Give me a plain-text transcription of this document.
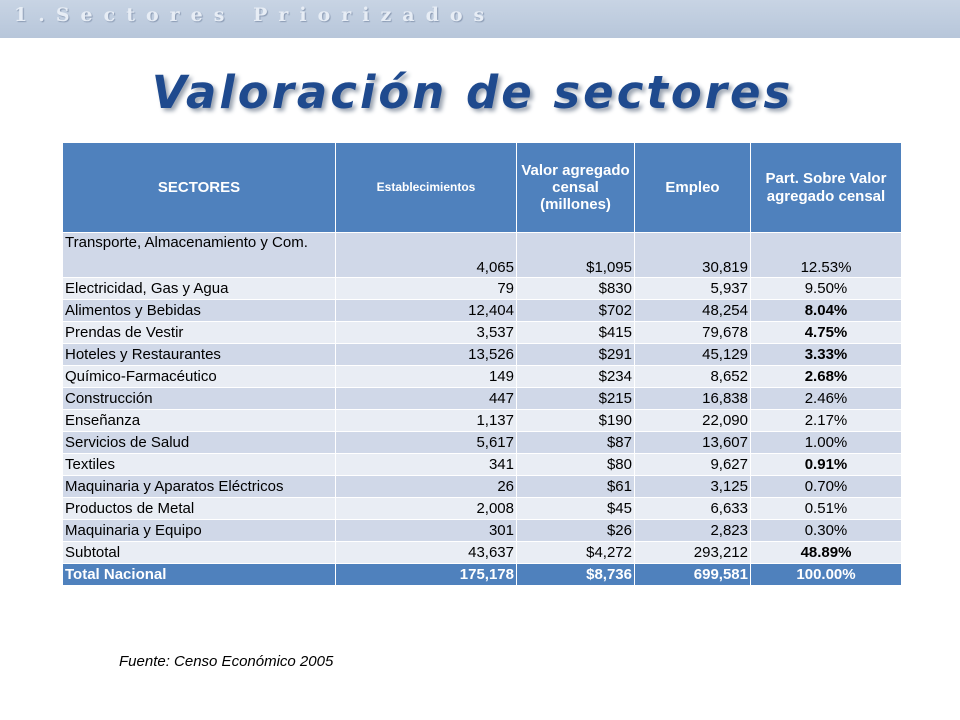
1.Sectores Priorizados
Valoración de sectores
SECTORES	Establecimientos	Valor agregado censal (millones)	Empleo	Part. Sobre Valor agregado censal
Transporte, Almacenamiento y Com.	4,065	$1,095	30,819	12.53%
Electricidad, Gas y Agua	79	$830	5,937	9.50%
Alimentos y Bebidas	12,404	$702	48,254	8.04%
Prendas de Vestir	3,537	$415	79,678	4.75%
Hoteles y Restaurantes	13,526	$291	45,129	3.33%
Químico-Farmacéutico	149	$234	8,652	2.68%
Construcción	447	$215	16,838	2.46%
Enseñanza	1,137	$190	22,090	2.17%
Servicios de Salud	5,617	$87	13,607	1.00%
Textiles	341	$80	9,627	0.91%
Maquinaria y Aparatos Eléctricos	26	$61	3,125	0.70%
Productos de Metal	2,008	$45	6,633	0.51%
Maquinaria y Equipo	301	$26	2,823	0.30%
Subtotal	43,637	$4,272	293,212	48.89%
Total Nacional	175,178	$8,736	699,581	100.00%
Fuente: Censo Económico 2005
